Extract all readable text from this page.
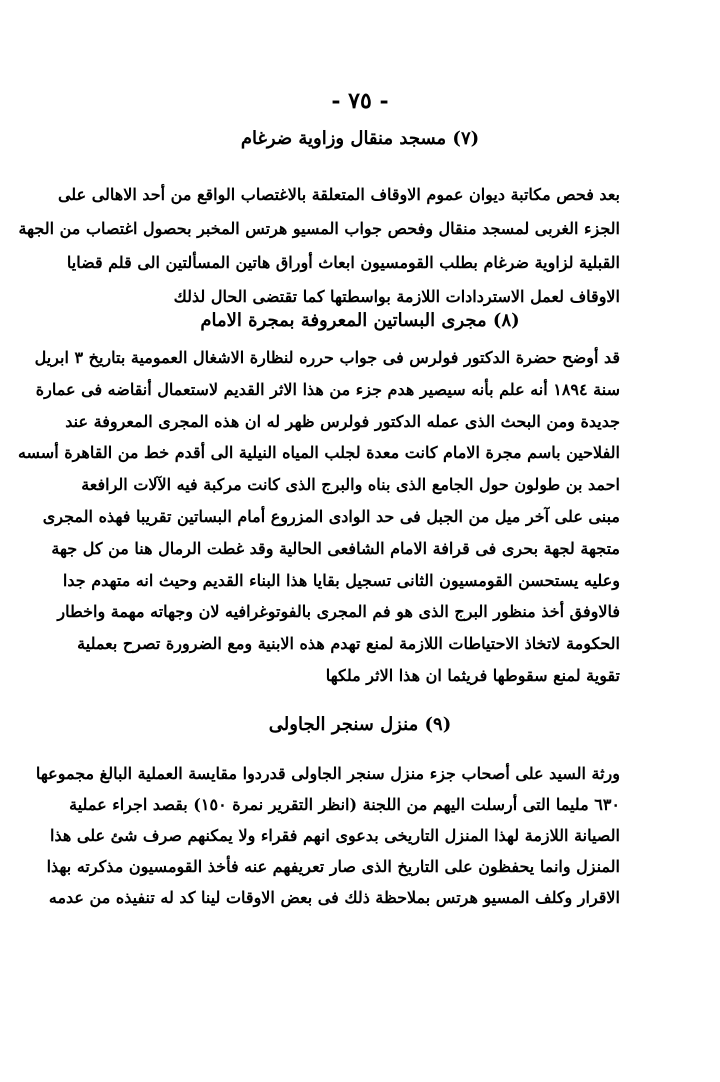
- ٧٥ -
(٧) مسجد منقال وزاوية ضرغام
بعد فحص مكاتبة ديوان عموم الاوقاف المتعلقة بالاغتصاب الواقع من أحد الاهالى على
الجزء الغربى لمسجد منقال وفحص جواب المسيو هرتس المخبر بحصول اغتصاب من الجهة
القبلية لزاوية ضرغام بطلب القومسيون ابعاث أوراق هاتين المسألتين الى قلم قضايا
الاوقاف لعمل الاستردادات اللازمة بواسطتها كما تقتضى الحال لذلك
(٨) مجرى البساتين المعروفة بمجرة الامام
قد أوضح حضرة الدكتور فولرس فى جواب حرره لنظارة الاشغال العمومية بتاريخ ٣ ابريل
سنة ١٨٩٤ أنه علم بأنه سيصير هدم جزء من هذا الاثر القديم لاستعمال أنقاضه فى عمارة
جديدة ومن البحث الذى عمله الدكتور فولرس ظهر له ان هذه المجرى المعروفة عند
الفلاحين باسم مجرة الامام كانت معدة لجلب المياه النيلية الى أقدم خط من القاهرة أسسه
احمد بن طولون حول الجامع الذى بناه والبرج الذى كانت مركبة فيه الآلات الرافعة
مبنى على آخر ميل من الجبل فى حد الوادى المزروع أمام البساتين تقريبا فهذه المجرى
متجهة لجهة بحرى فى قرافة الامام الشافعى الحالية وقد غطت الرمال هنا من كل جهة
وعليه يستحسن القومسيون الثانى تسجيل بقايا هذا البناء القديم وحيث انه متهدم جدا
فالاوفق أخذ منظور البرج الذى هو فم المجرى بالفوتوغرافيه لان وجهاته مهمة واخطار
الحكومة لاتخاذ الاحتياطات اللازمة لمنع تهدم هذه الابنية ومع الضرورة تصرح بعملية
تقوية لمنع سقوطها فريثما ان هذا الاثر ملكها
(٩) منزل سنجر الجاولى
ورثة السيد على أصحاب جزء منزل سنجر الجاولى قدردوا مقايسة العملية البالغ مجموعها
٦٣٠ مليما التى أرسلت اليهم من اللجنة (انظر التقرير نمرة ١٥٠) بقصد اجراء عملية
الصيانة اللازمة لهذا المنزل التاريخى بدعوى انهم فقراء ولا يمكنهم صرف شئ على هذا
المنزل وانما يحفظون على التاريخ الذى صار تعريفهم عنه فأخذ القومسيون مذكرته بهذا
الاقرار وكلف المسيو هرتس بملاحظة ذلك فى بعض الاوقات لينا كد له تنفيذه من عدمه
